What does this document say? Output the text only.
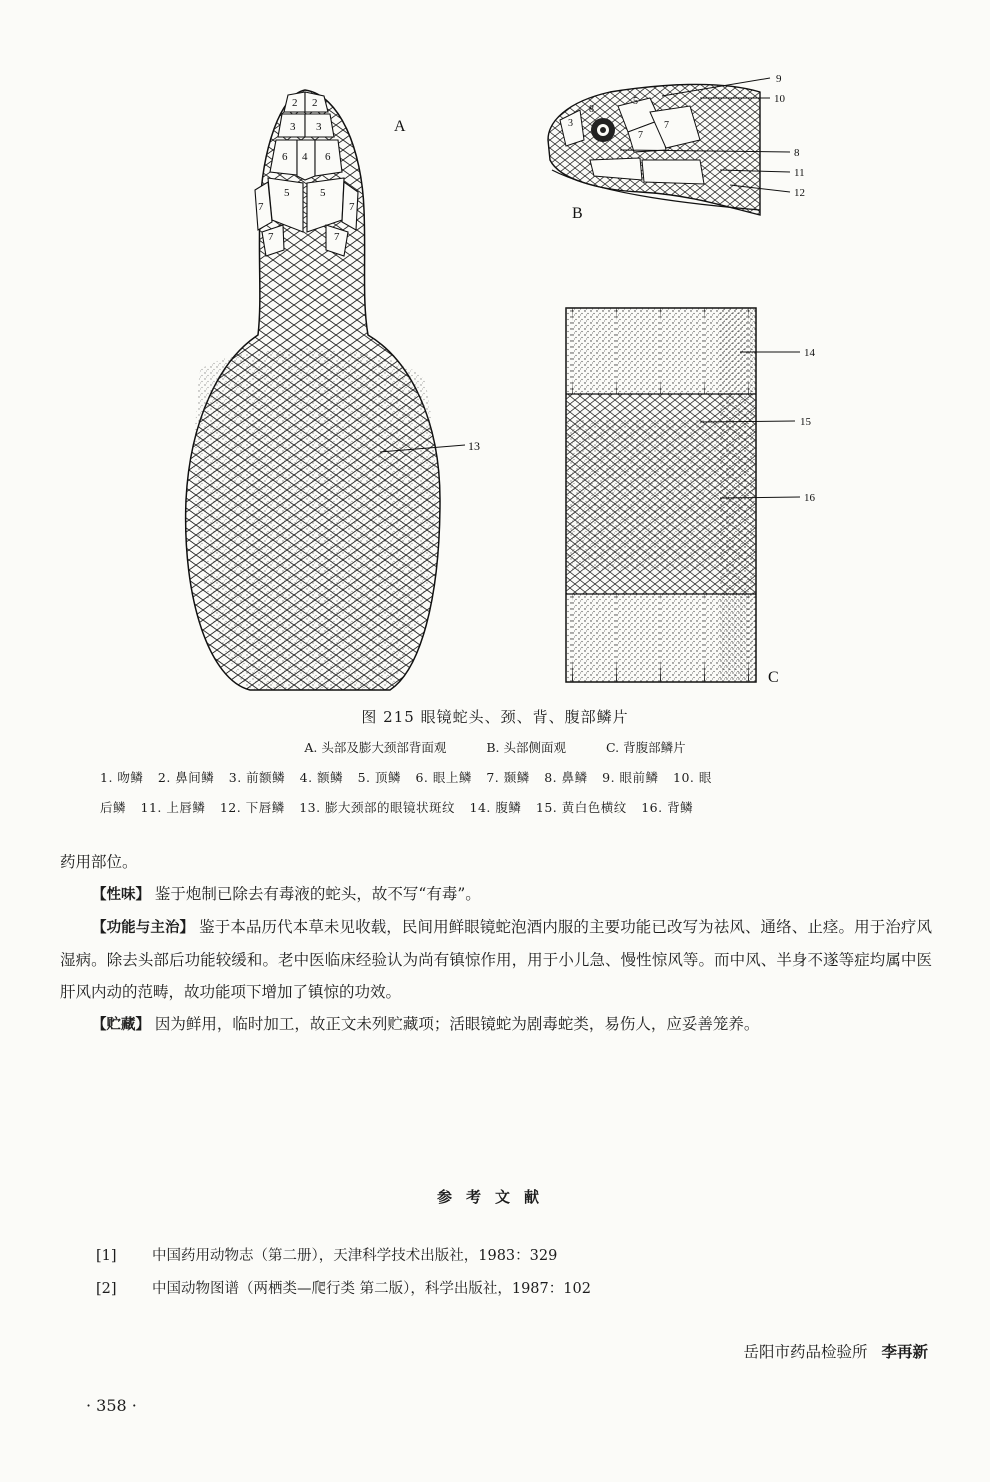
2 2
3 3
6 4 6
5	5
7	7
7	7
A
13
5
3
8
7
7
B
9
10
8
11
12
C
14
15
16
图 215 眼镜蛇头、颈、背、腹部鳞片
A. 头部及膨大颈部背面观	B. 头部侧面观	C. 背腹部鳞片
1. 吻鳞 2. 鼻间鳞 3. 前额鳞 4. 额鳞 5. 顶鳞 6. 眼上鳞 7. 颞鳞 8. 鼻鳞 9. 眼前鳞 10. 眼
后鳞 11. 上唇鳞 12. 下唇鳞 13. 膨大颈部的眼镜状斑纹 14. 腹鳞 15. 黄白色横纹 16. 背鳞

药用部位。

【性味】 鉴于炮制已除去有毒液的蛇头，故不写“有毒”。

【功能与主治】 鉴于本品历代本草未见收载，民间用鲜眼镜蛇泡酒内服的主要功能已改写为祛风、通络、止痉。用于治疗风湿病。除去头部后功能较缓和。老中医临床经验认为尚有镇惊作用，用于小儿急、慢性惊风等。而中风、半身不遂等症均属中医肝风内动的范畴，故功能项下增加了镇惊的功效。

【贮藏】 因为鲜用，临时加工，故正文未列贮藏项；活眼镜蛇为剧毒蛇类，易伤人，应妥善笼养。

参考文献
[1] 中国药用动物志（第二册），天津科学技术出版社，1983：329
[2] 中国动物图谱（两栖类—爬行类 第二版），科学出版社，1987：102
岳阳市药品检验所 李再新
· 358 ·
